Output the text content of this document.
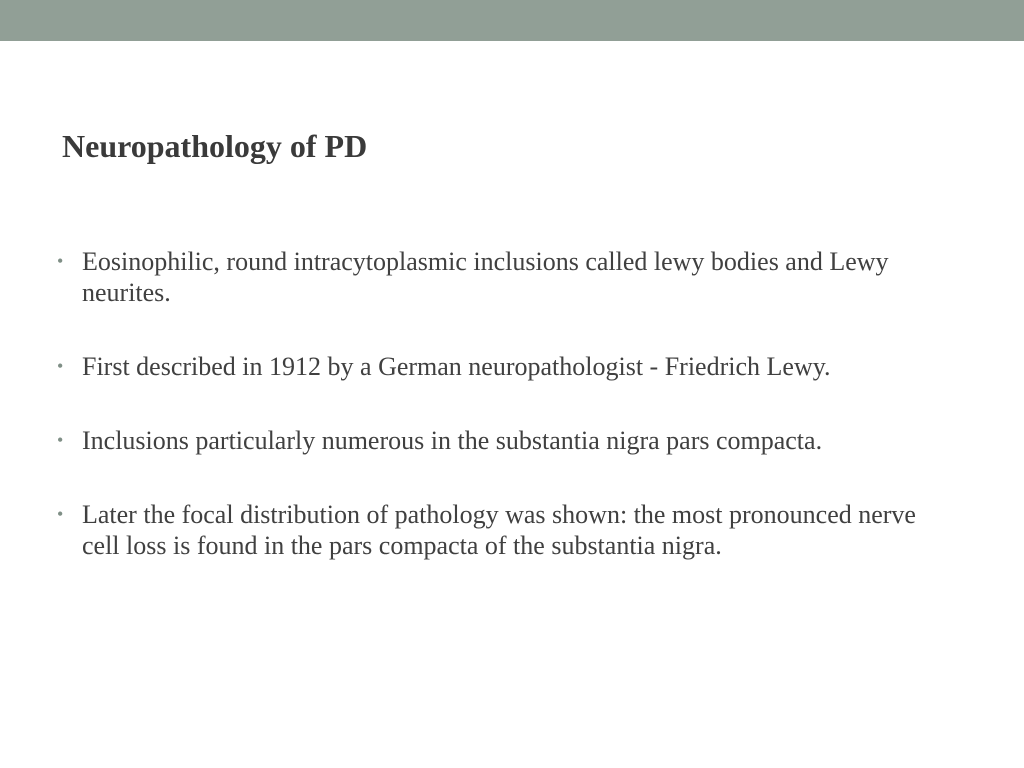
Neuropathology of PD
• Eosinophilic, round intracytoplasmic inclusions called lewy bodies and Lewy neurites.
• First described in 1912 by a German neuropathologist - Friedrich Lewy.
• Inclusions particularly numerous in the substantia nigra pars compacta.
• Later the focal distribution of pathology was shown: the most pronounced nerve cell loss is found in the pars compacta of the substantia nigra.
